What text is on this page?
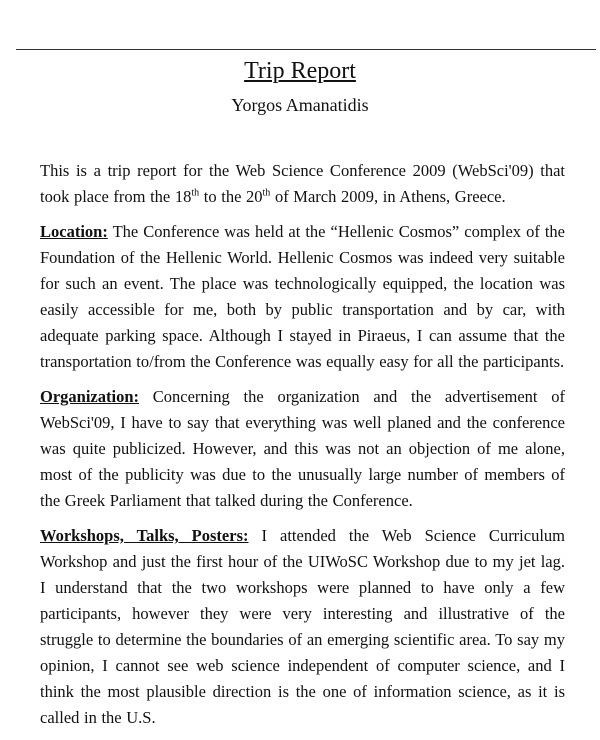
Trip Report
Yorgos Amanatidis

This is a trip report for the Web Science Conference 2009 (WebSci'09) that took place from the 18th to the 20th of March 2009, in Athens, Greece.

Location: The Conference was held at the “Hellenic Cosmos” complex of the Foundation of the Hellenic World. Hellenic Cosmos was indeed very suitable for such an event. The place was technologically equipped, the location was easily accessible for me, both by public transportation and by car, with adequate parking space. Although I stayed in Piraeus, I can assume that the transportation to/from the Conference was equally easy for all the participants.

Organization: Concerning the organization and the advertisement of WebSci'09, I have to say that everything was well planed and the conference was quite publicized. However, and this was not an objection of me alone, most of the publicity was due to the unusually large number of members of the Greek Parliament that talked during the Conference.

Workshops, Talks, Posters: I attended the Web Science Curriculum Workshop and just the first hour of the UIWoSC Workshop due to my jet lag. I understand that the two workshops were planned to have only a few participants, however they were very interesting and illustrative of the struggle to determine the boundaries of an emerging scientific area. To say my opinion, I cannot see web science independent of computer science, and I think the most plausible direction is the one of information science, as it is called in the U.S.
